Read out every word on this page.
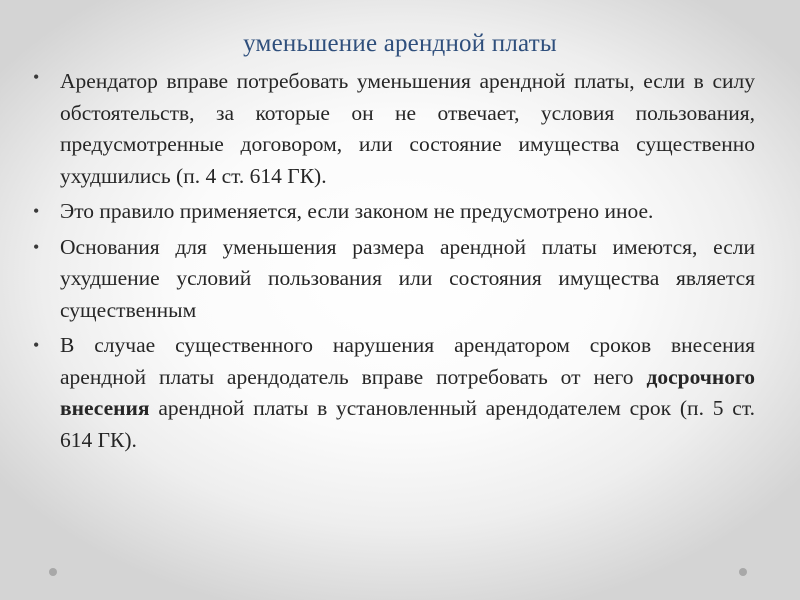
уменьшение арендной платы
• Арендатор вправе потребовать уменьшения арендной платы, если в силу обстоятельств, за которые он не отвечает, условия пользования, предусмотренные договором, или состояние имущества существенно ухудшились (п. 4 ст. 614 ГК).
• Это правило применяется, если законом не предусмотрено иное.
• Основания для уменьшения размера арендной платы имеются, если ухудшение условий пользования или состояния имущества является существенным
• В случае существенного нарушения арендатором сроков внесения арендной платы арендодатель вправе потребовать от него досрочного внесения арендной платы в установленный арендодателем срок (п. 5 ст. 614 ГК).
